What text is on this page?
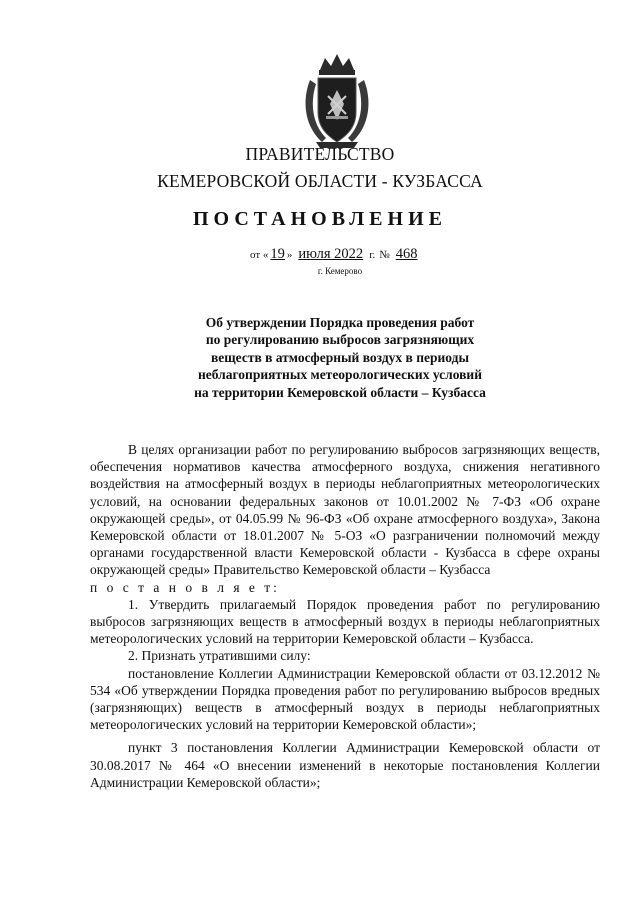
ПРАВИТЕЛЬСТВО
КЕМЕРОВСКОЙ ОБЛАСТИ - КУЗБАССА
ПОСТАНОВЛЕНИЕ
от « 19 » июля 2022 г. № 468
г. Кемерово
Об утверждении Порядка проведения работ
по регулированию выбросов загрязняющих
веществ в атмосферный воздух в периоды
неблагоприятных метеорологических условий
на территории Кемеровской области – Кузбасса

В целях организации работ по регулированию выбросов загрязняющих веществ, обеспечения нормативов качества атмосферного воздуха, снижения негативного воздействия на атмосферный воздух в периоды неблагоприятных метеорологических условий, на основании федеральных законов от 10.01.2002 № 7-ФЗ «Об охране окружающей среды», от 04.05.99 № 96-ФЗ «Об охране атмосферного воздуха», Закона Кемеровской области от 18.01.2007 № 5-ОЗ «О разграничении полномочий между органами государственной власти Кемеровской области - Кузбасса в сфере охраны окружающей среды» Правительство Кемеровской области – Кузбасса
п о с т а н о в л я е т:

1. Утвердить прилагаемый Порядок проведения работ по регулированию выбросов загрязняющих веществ в атмосферный воздух в периоды неблагоприятных метеорологических условий на территории Кемеровской области – Кузбасса.

2. Признать утратившими силу:

постановление Коллегии Администрации Кемеровской области от 03.12.2012 № 534 «Об утверждении Порядка проведения работ по регулированию выбросов вредных (загрязняющих) веществ в атмосферный воздух в периоды неблагоприятных метеорологических условий на территории Кемеровской области»;

пункт 3 постановления Коллегии Администрации Кемеровской области от 30.08.2017 № 464 «О внесении изменений в некоторые постановления Коллегии Администрации Кемеровской области»;
